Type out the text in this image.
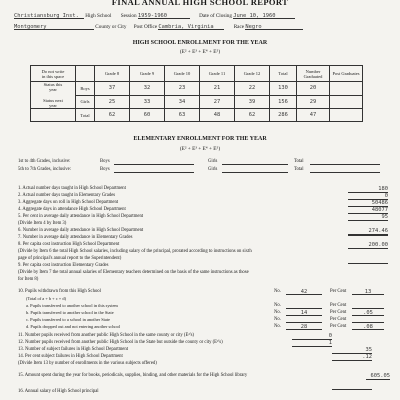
FINAL ANNUAL HIGH SCHOOL REPORT
Christiansburg Inst. High School Session 1959-1960	Date of Closing June 10, 1960
Montgomery	County or City Post Office Cambria, Virginia	Race Negro
HIGH SCHOOL ENROLLMENT FOR THE YEAR
(E² + E³ + E⁴ + E⁵)
Do not write
in this space		Grade 8	Grade 9	Grade 10	Grade 11	Grade 12	Total	Number Graduated	Post Graduates

Status this
year
Status next
year	Boys	37	32	23	21	22	130	20	
	Girls	25	33	34	27	39	156	29	
	Total	62	60	63	48	62	286	47	
ELEMENTARY ENROLLMENT FOR THE YEAR
(E² + E³ + E⁴ + E⁵)
1st to 4th Grades, inclusive:	Boys	Girls	Total
5th to 7th Grades, inclusive:	Boys	Girls	Total
1. Actual number days taught in High School Department	180
2. Actual number days taught in Elementary Grades	0
3. Aggregate days on roll in High School Department	50486
4. Aggregate days in attendance High School Department	48077
5. Per cent in average daily attendance in High School Department	95
(Divide Item 4 by Item 3)
6. Number in average daily attendance in High School Department	274.46
7. Number in average daily attendance in Elementary Grades
8. Per capita cost instruction High School Department	200.00
(Divide by Item 6 the total High School salaries, including salary of the principal, prorated according to instructions on sixth
page of principal's annual report to the Superintendent)
9. Per capita cost instruction Elementary Grades
(Divide by Item 7 the total annual salaries of Elementary teachers determined on the basis of the same instructions as those
for Item 8)
10. Pupils withdrawn from this High School	No.	42	Per Cent	13
(Total of a + b + c + d)
a. Pupils transferred to another school in this system	No.	Per Cent
b. Pupils transferred to another school in the State	No.	14	Per Cent	.05
c. Pupils transferred to a school in another State	No.	Per Cent
d. Pupils dropped out and not entering another school	No.	28	Per Cent	.08
11. Number pupils received from another public High School in the same county or city (E²'s)	0
12. Number pupils received from another public High School in the State but outside the county or city (E³'s)	1
13. Number of subject failures in High School Department	35
14. Per cent subject failures in High School Department	.12
(Divide Item 13 by number of enrollments in the various subjects offered)
15. Amount spent during the year for books, periodicals, supplies, binding, and other materials for the High School library	605.05
16. Annual salary of High School principal
